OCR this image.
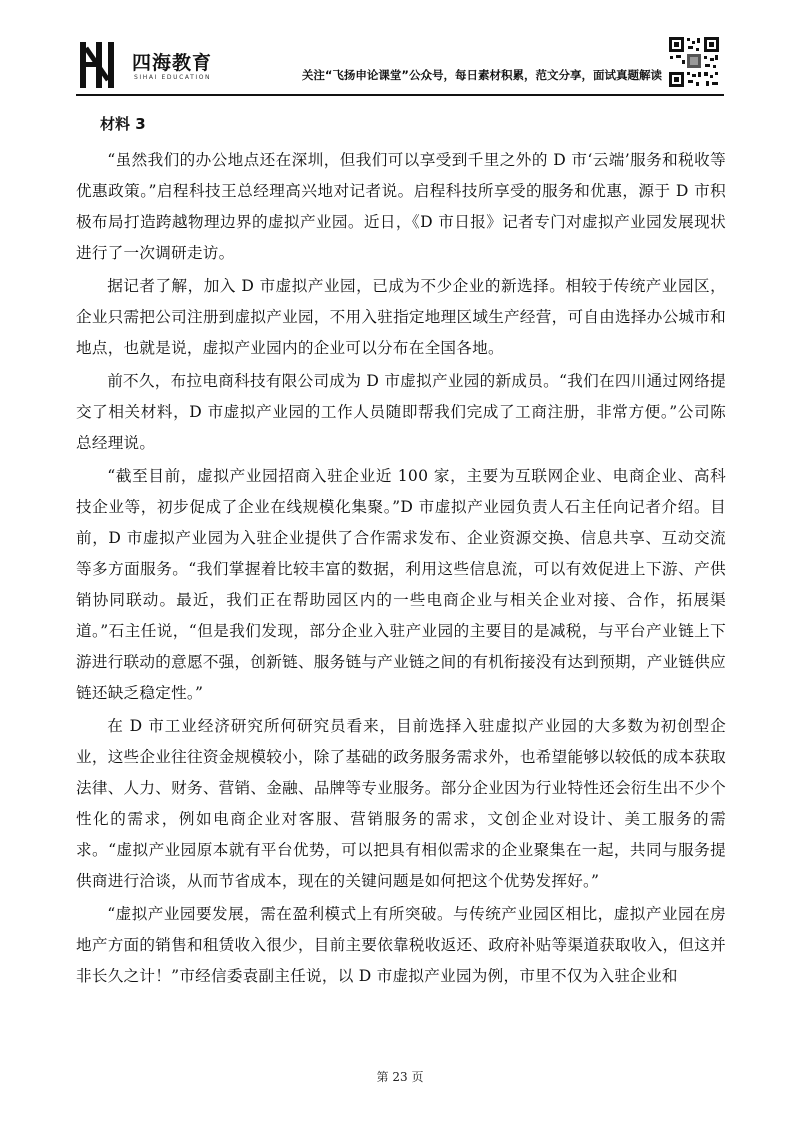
四海教育
SIHAI EDUCATION	关注“飞扬申论课堂”公众号，每日素材积累，范文分享，面试真题解读
材料 3

“虽然我们的办公地点还在深圳，但我们可以享受到千里之外的 D 市‘云端’服务和税收等优惠政策。”启程科技王总经理高兴地对记者说。启程科技所享受的服务和优惠，源于 D 市积极布局打造跨越物理边界的虚拟产业园。近日，《D 市日报》记者专门对虚拟产业园发展现状进行了一次调研走访。

据记者了解，加入 D 市虚拟产业园，已成为不少企业的新选择。相较于传统产业园区，企业只需把公司注册到虚拟产业园，不用入驻指定地理区域生产经营，可自由选择办公城市和地点，也就是说，虚拟产业园内的企业可以分布在全国各地。

前不久，布拉电商科技有限公司成为 D 市虚拟产业园的新成员。“我们在四川通过网络提交了相关材料，D 市虚拟产业园的工作人员随即帮我们完成了工商注册，非常方便。”公司陈总经理说。

“截至目前，虚拟产业园招商入驻企业近 100 家，主要为互联网企业、电商企业、高科技企业等，初步促成了企业在线规模化集聚。”D 市虚拟产业园负责人石主任向记者介绍。目前，D 市虚拟产业园为入驻企业提供了合作需求发布、企业资源交换、信息共享、互动交流等多方面服务。“我们掌握着比较丰富的数据，利用这些信息流，可以有效促进上下游、产供销协同联动。最近，我们正在帮助园区内的一些电商企业与相关企业对接、合作，拓展渠道。”石主任说，“但是我们发现，部分企业入驻产业园的主要目的是减税，与平台产业链上下游进行联动的意愿不强，创新链、服务链与产业链之间的有机衔接没有达到预期，产业链供应链还缺乏稳定性。”

在 D 市工业经济研究所何研究员看来，目前选择入驻虚拟产业园的大多数为初创型企业，这些企业往往资金规模较小，除了基础的政务服务需求外，也希望能够以较低的成本获取法律、人力、财务、营销、金融、品牌等专业服务。部分企业因为行业特性还会衍生出不少个性化的需求，例如电商企业对客服、营销服务的需求，文创企业对设计、美工服务的需求。“虚拟产业园原本就有平台优势，可以把具有相似需求的企业聚集在一起，共同与服务提供商进行洽谈，从而节省成本，现在的关键问题是如何把这个优势发挥好。”

“虚拟产业园要发展，需在盈利模式上有所突破。与传统产业园区相比，虚拟产业园在房地产方面的销售和租赁收入很少，目前主要依靠税收返还、政府补贴等渠道获取收入，但这并非长久之计！”市经信委袁副主任说，以 D 市虚拟产业园为例，市里不仅为入驻企业和

第 23 页
